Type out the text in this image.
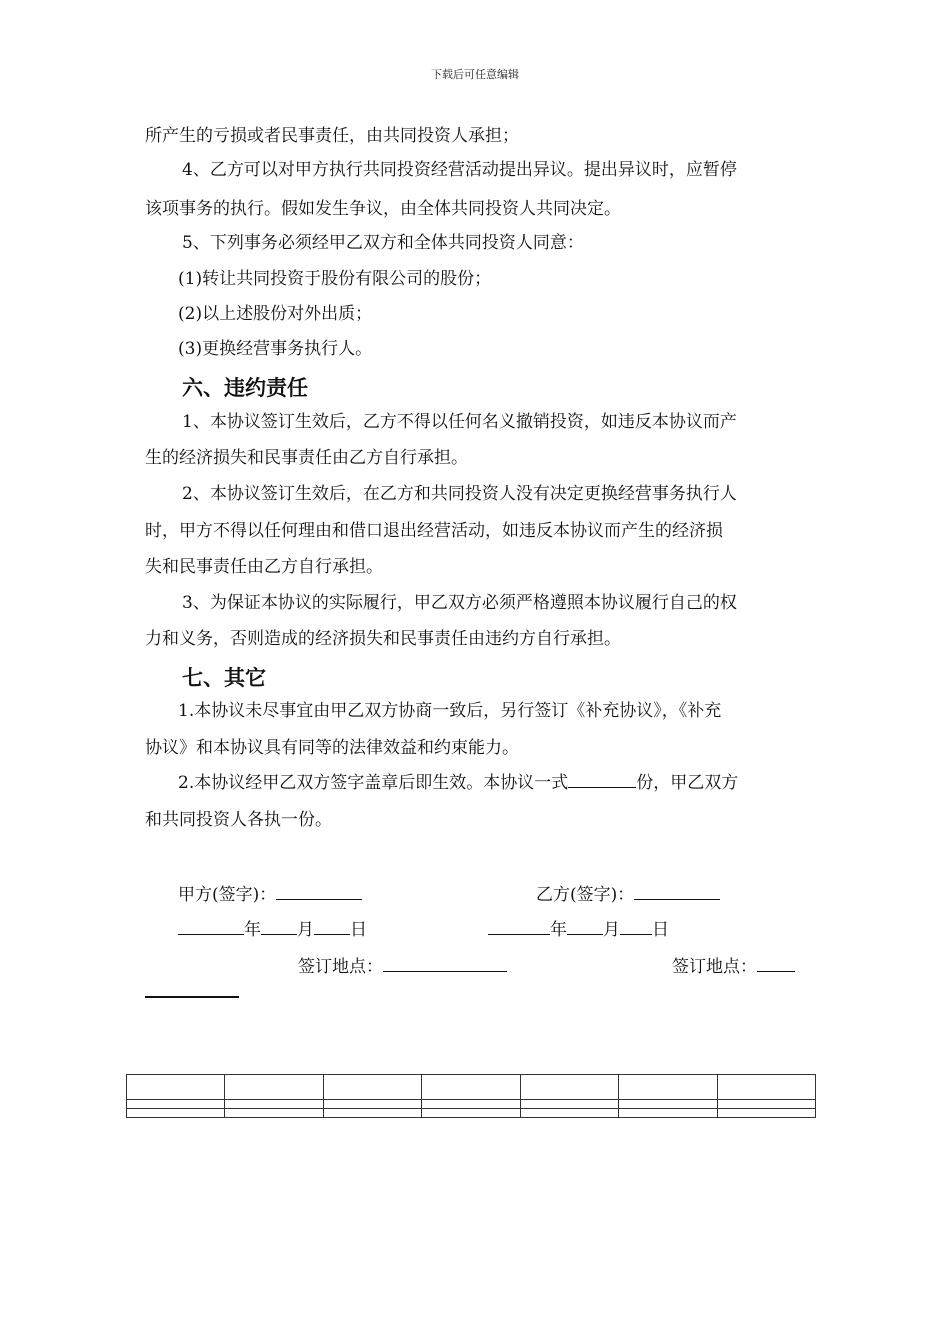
下载后可任意编辑
所产生的亏损或者民事责任，由共同投资人承担；
4、乙方可以对甲方执行共同投资经营活动提出异议。提出异议时，应暂停
该项事务的执行。假如发生争议，由全体共同投资人共同决定。
5、下列事务必须经甲乙双方和全体共同投资人同意：
(1)转让共同投资于股份有限公司的股份；
(2)以上述股份对外出质；
(3)更换经营事务执行人。
六、违约责任
1、本协议签订生效后，乙方不得以任何名义撤销投资，如违反本协议而产
生的经济损失和民事责任由乙方自行承担。
2、本协议签订生效后，在乙方和共同投资人没有决定更换经营事务执行人
时，甲方不得以任何理由和借口退出经营活动，如违反本协议而产生的经济损
失和民事责任由乙方自行承担。
3、为保证本协议的实际履行，甲乙双方必须严格遵照本协议履行自己的权
力和义务，否则造成的经济损失和民事责任由违约方自行承担。
七、其它
1.本协议未尽事宜由甲乙双方协商一致后，另行签订《补充协议》，《补充
协议》和本协议具有同等的法律效益和约束能力。
2.本协议经甲乙双方签字盖章后即生效。本协议一式	份，甲乙双方
和共同投资人各执一份。
甲方(签字)：	乙方(签字)：
年 月 日	年 月 日
签订地点：	签订地点：
